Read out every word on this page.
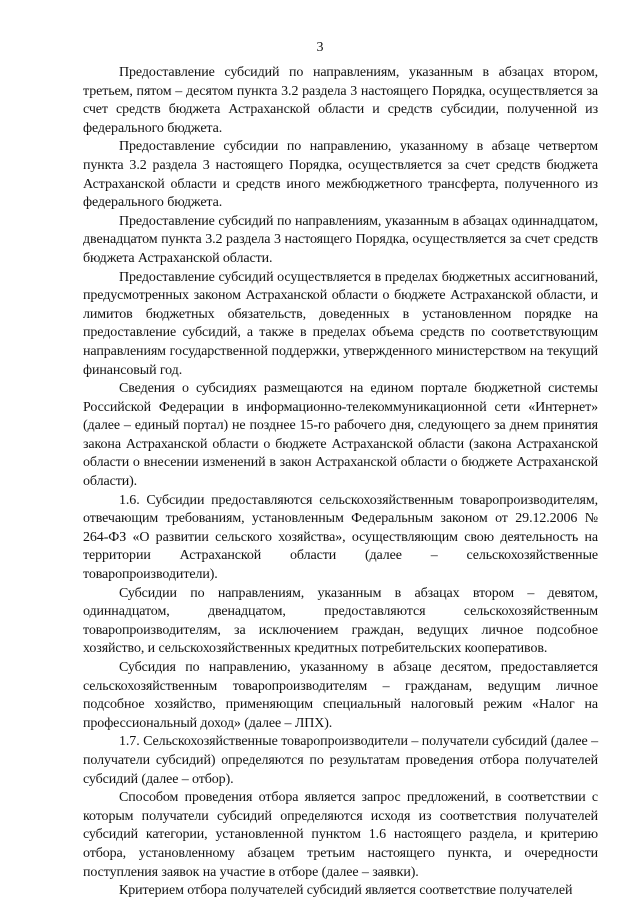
3

Предоставление субсидий по направлениям, указанным в абзацах втором, третьем, пятом – десятом пункта 3.2 раздела 3 настоящего Порядка, осуществляется за счет средств бюджета Астраханской области и средств субсидии, полученной из федерального бюджета.

Предоставление субсидии по направлению, указанному в абзаце четвертом пункта 3.2 раздела 3 настоящего Порядка, осуществляется за счет средств бюджета Астраханской области и средств иного межбюджетного трансферта, полученного из федерального бюджета.

Предоставление субсидий по направлениям, указанным в абзацах одиннадцатом, двенадцатом пункта 3.2 раздела 3 настоящего Порядка, осуществляется за счет средств бюджета Астраханской области.

Предоставление субсидий осуществляется в пределах бюджетных ассигнований, предусмотренных законом Астраханской области о бюджете Астраханской области, и лимитов бюджетных обязательств, доведенных в установленном порядке на предоставление субсидий, а также в пределах объема средств по соответствующим направлениям государственной поддержки, утвержденного министерством на текущий финансовый год.

Сведения о субсидиях размещаются на едином портале бюджетной системы Российской Федерации в информационно-телекоммуникационной сети «Интернет» (далее – единый портал) не позднее 15-го рабочего дня, следующего за днем принятия закона Астраханской области о бюджете Астраханской области (закона Астраханской области о внесении изменений в закон Астраханской области о бюджете Астраханской области).

1.6. Субсидии предоставляются сельскохозяйственным товаропроизводителям, отвечающим требованиям, установленным Федеральным законом от 29.12.2006 № 264-ФЗ «О развитии сельского хозяйства», осуществляющим свою деятельность на территории Астраханской области (далее – сельскохозяйственные товаропроизводители).

Субсидии по направлениям, указанным в абзацах втором – девятом, одиннадцатом, двенадцатом, предоставляются сельскохозяйственным товаропроизводителям, за исключением граждан, ведущих личное подсобное хозяйство, и сельскохозяйственных кредитных потребительских кооперативов.

Субсидия по направлению, указанному в абзаце десятом, предоставляется сельскохозяйственным товаропроизводителям – гражданам, ведущим личное подсобное хозяйство, применяющим специальный налоговый режим «Налог на профессиональный доход» (далее – ЛПХ).

1.7. Сельскохозяйственные товаропроизводители – получатели субсидий (далее – получатели субсидий) определяются по результатам проведения отбора получателей субсидий (далее – отбор).

Способом проведения отбора является запрос предложений, в соответствии с которым получатели субсидий определяются исходя из соответствия получателей субсидий категории, установленной пунктом 1.6 настоящего раздела, и критерию отбора, установленному абзацем третьим настоящего пункта, и очередности поступления заявок на участие в отборе (далее – заявки).

Критерием отбора получателей субсидий является соответствие получателей
